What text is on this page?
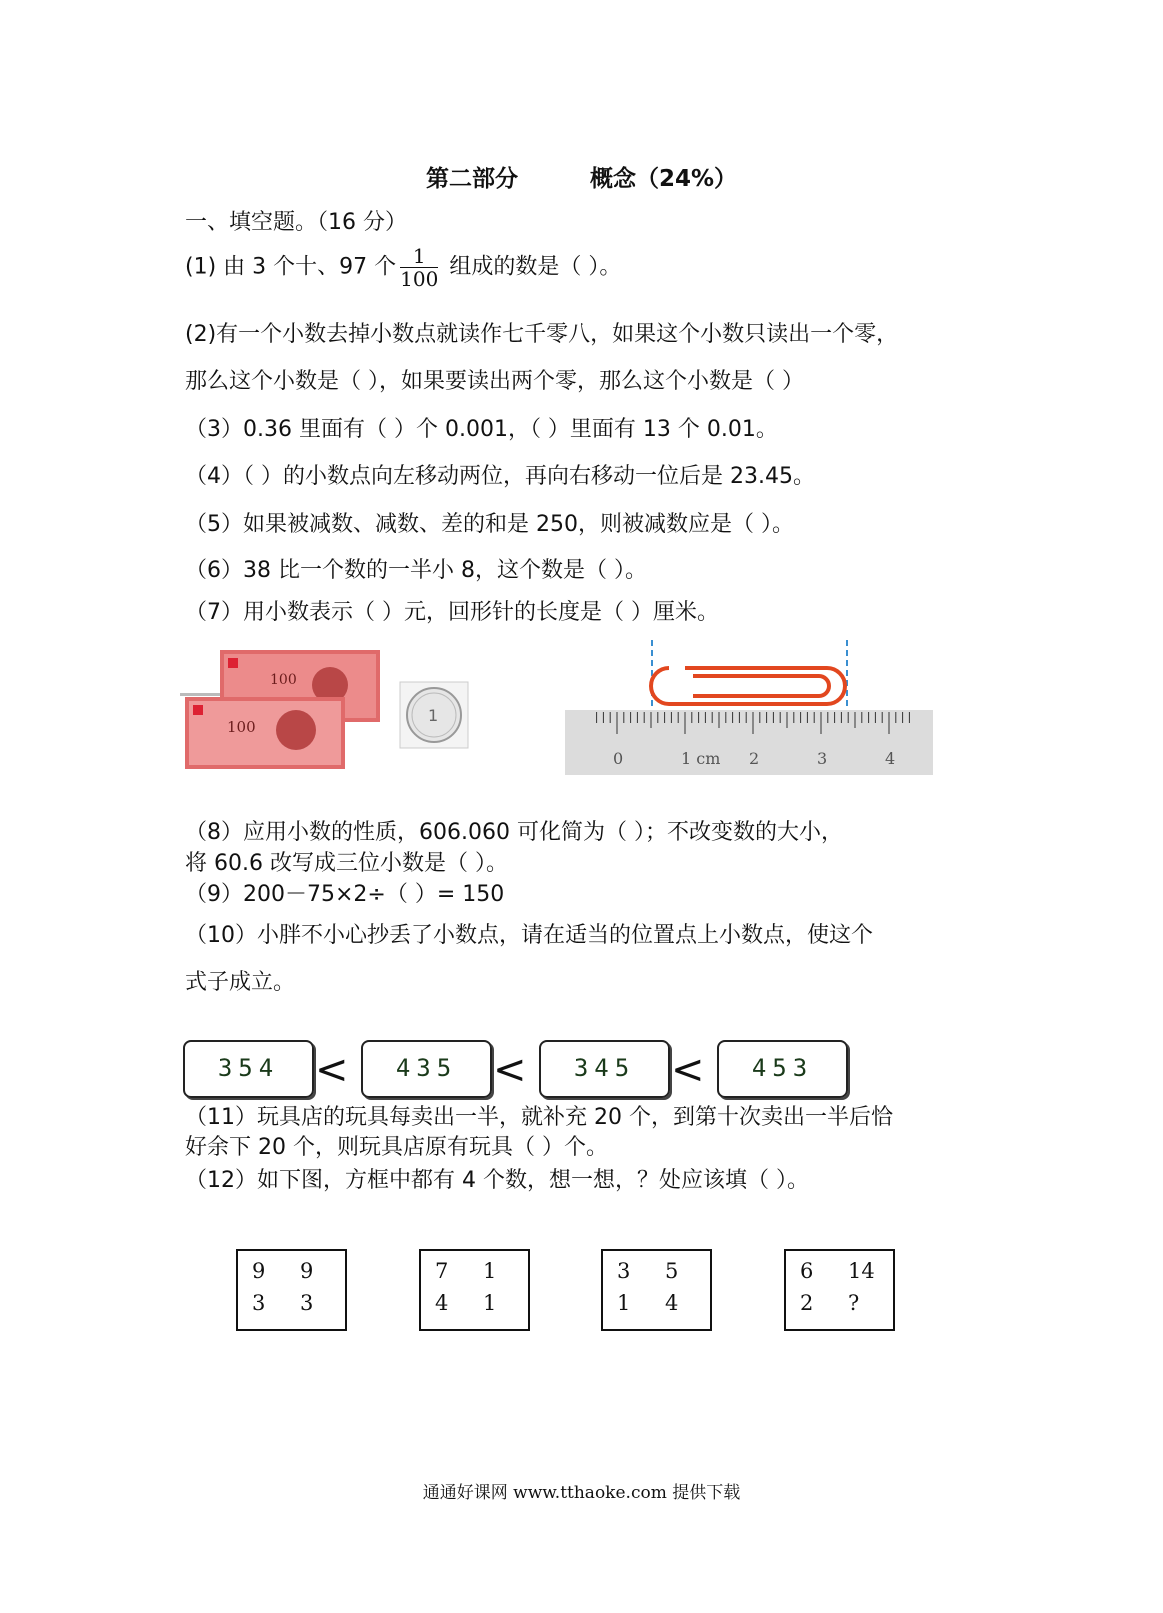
第二部分	概念（24%）
一、填空题。（16 分）
(1) 由 3 个十、97 个 $\frac{1}{100}$ 组成的数是（ ）。
(2)有一个小数去掉小数点就读作七千零八，如果这个小数只读出一个零，
那么这个小数是（ ），如果要读出两个零，那么这个小数是（ ）
（3）0.36 里面有（ ）个 0.001，（ ）里面有 13 个 0.01。
（4）（ ）的小数点向左移动两位，再向右移动一位后是 23.45。
（5）如果被减数、减数、差的和是 250，则被减数应是（ ）。
（6）38 比一个数的一半小 8，这个数是（ ）。
（7）用小数表示（ ）元，回形针的长度是（ ）厘米。
100
100
1
0	1 cm 2	3	4
（8）应用小数的性质，606.060 可化简为（ ）；不改变数的大小，
将 60.6 改写成三位小数是（ ）。
（9）200－75×2÷（ ）= 150
（10）小胖不小心抄丢了小数点，请在适当的位置点上小数点，使这个
式子成立。
354 <	435 <	345 <	453
（11）玩具店的玩具每卖出一半，就补充 20 个，到第十次卖出一半后恰
好余下 20 个，则玩具店原有玩具（ ）个。
（12）如下图，方框中都有 4 个数，想一想，？处应该填（ ）。
9 9
3 3
7 1
4 1
3 5
1 4
6 14
2 ?
通通好课网 www.tthaoke.com 提供下载
